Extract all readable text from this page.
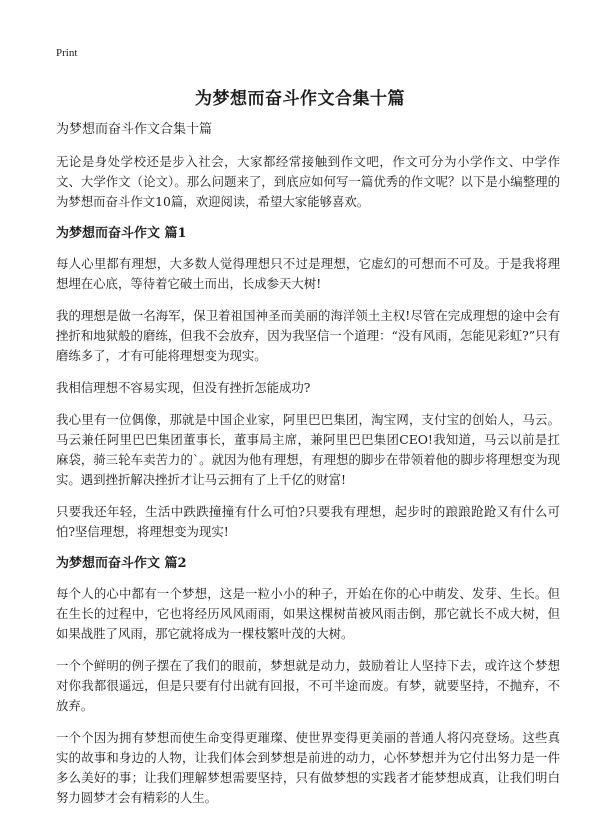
Print
为梦想而奋斗作文合集十篇
为梦想而奋斗作文合集十篇

无论是身处学校还是步入社会，大家都经常接触到作文吧，作文可分为小学作文、中学作文、大学作文（论文）。那么问题来了，到底应如何写一篇优秀的作文呢？以下是小编整理的为梦想而奋斗作文10篇，欢迎阅读，希望大家能够喜欢。

为梦想而奋斗作文 篇1

每人心里都有理想，大多数人觉得理想只不过是理想，它虚幻的可想而不可及。于是我将理想埋在心底，等待着它破土而出，长成参天大树!

我的理想是做一名海军，保卫着祖国神圣而美丽的海洋领土主权!尽管在完成理想的途中会有挫折和地狱般的磨练，但我不会放弃，因为我坚信一个道理：“没有风雨，怎能见彩虹?”只有磨练多了，才有可能将理想变为现实。

我相信理想不容易实现，但没有挫折怎能成功?

我心里有一位偶像，那就是中国企业家，阿里巴巴集团，淘宝网，支付宝的创始人，马云。马云兼任阿里巴巴集团董事长，董事局主席，兼阿里巴巴集团CEO!我知道，马云以前是扛麻袋，骑三轮车卖苦力的`。就因为他有理想，有理想的脚步在带领着他的脚步将理想变为现实。遇到挫折解决挫折才让马云拥有了上千亿的财富!

只要我还年轻，生活中跌跌撞撞有什么可怕?只要我有理想，起步时的踉踉跄跄又有什么可怕?坚信理想，将理想变为现实!

为梦想而奋斗作文 篇2

每个人的心中都有一个梦想，这是一粒小小的种子，开始在你的心中萌发、发芽、生长。但在生长的过程中，它也将经历风风雨雨，如果这棵树苗被风雨击倒，那它就长不成大树，但如果战胜了风雨，那它就将成为一棵枝繁叶茂的大树。

一个个鲜明的例子摆在了我们的眼前，梦想就是动力，鼓励着让人坚持下去，或许这个梦想对你我都很遥远，但是只要有付出就有回报，不可半途而废。有梦，就要坚持，不抛弃，不放弃。

一个个因为拥有梦想而使生命变得更璀璨、使世界变得更美丽的普通人将闪亮登场。这些真实的故事和身边的人物，让我们体会到梦想是前进的动力，心怀梦想并为它付出努力是一件多么美好的事；让我们理解梦想需要坚持，只有做梦想的实践者才能梦想成真，让我们明白努力圆梦才会有精彩的人生。
